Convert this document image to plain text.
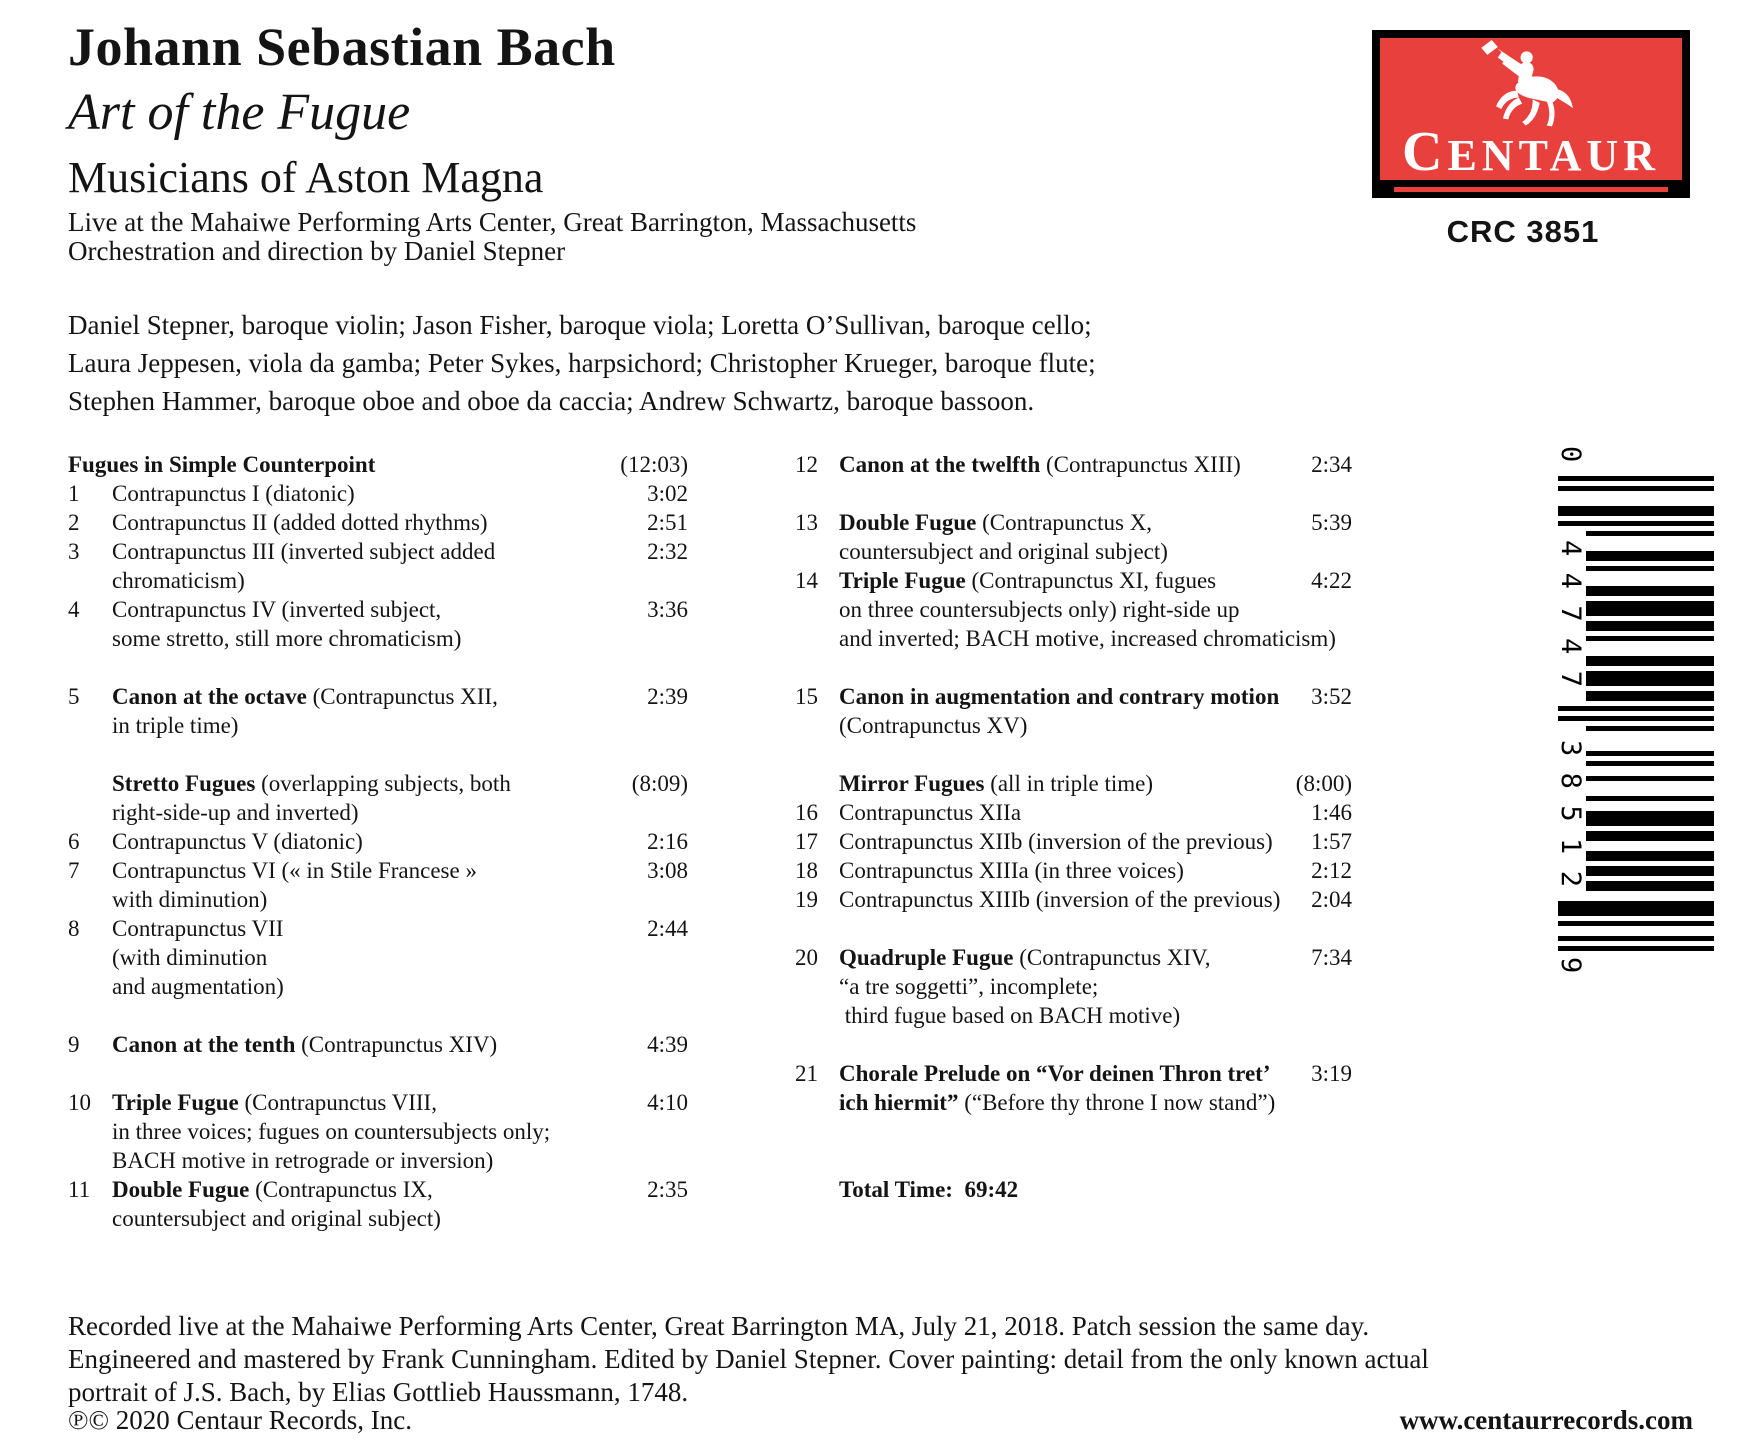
Johann Sebastian Bach
Art of the Fugue
Musicians of Aston Magna
Live at the Mahaiwe Performing Arts Center, Great Barrington, Massachusetts
Orchestration and direction by Daniel Stepner
Daniel Stepner, baroque violin; Jason Fisher, baroque viola; Loretta O’Sullivan, baroque cello;
Laura Jeppesen, viola da gamba; Peter Sykes, harpsichord; Christopher Krueger, baroque flute;
Stephen Hammer, baroque oboe and oboe da caccia; Andrew Schwartz, baroque bassoon.
Fugues in Simple Counterpoint	(12:03)
1	Contrapunctus I (diatonic)	3:02
2	Contrapunctus II (added dotted rhythms)	2:51
3	Contrapunctus III (inverted subject added	2:32
chromaticism)
4	Contrapunctus IV (inverted subject,	3:36
some stretto, still more chromaticism)
5	Canon at the octave (Contrapunctus XII,	2:39
in triple time)
Stretto Fugues (overlapping subjects, both	(8:09)
right-side-up and inverted)
6	Contrapunctus V (diatonic)	2:16
7	Contrapunctus VI (« in Stile Francese »	3:08
with diminution)
8	Contrapunctus VII	2:44
(with diminution
and augmentation)
9	Canon at the tenth (Contrapunctus XIV)	4:39
10 Triple Fugue (Contrapunctus VIII,	4:10
in three voices; fugues on countersubjects only;
BACH motive in retrograde or inversion)
11 Double Fugue (Contrapunctus IX,	2:35
countersubject and original subject)
12 Canon at the twelfth (Contrapunctus XIII)	2:34
13 Double Fugue (Contrapunctus X,	5:39
countersubject and original subject)
14 Triple Fugue (Contrapunctus XI, fugues	4:22
on three countersubjects only) right-side up
and inverted; BACH motive, increased chromaticism)
15 Canon in augmentation and contrary motion 3:52
(Contrapunctus XV)
Mirror Fugues (all in triple time)	(8:00)
16 Contrapunctus XIIa	1:46
17 Contrapunctus XIIb (inversion of the previous) 1:57
18 Contrapunctus XIIIa (in three voices)	2:12
19 Contrapunctus XIIIb (inversion of the previous) 2:04
20 Quadruple Fugue (Contrapunctus XIV,	7:34
“a tre soggetti”, incomplete;
third fugue based on BACH motive)
21 Chorale Prelude on “Vor deinen Thron tret’ 3:19
ich hiermit” (“Before thy throne I now stand”)
Total Time:  69:42
CENTAUR
CRC 3851
0
4
4
7
4
7
3
8
5
1
2
9
Recorded live at the Mahaiwe Performing Arts Center, Great Barrington MA, July 21, 2018. Patch session the same day.
Engineered and mastered by Frank Cunningham. Edited by Daniel Stepner. Cover painting: detail from the only known actual
portrait of J.S. Bach, by Elias Gottlieb Haussmann, 1748.
℗© 2020 Centaur Records, Inc.	www.centaurrecords.com
